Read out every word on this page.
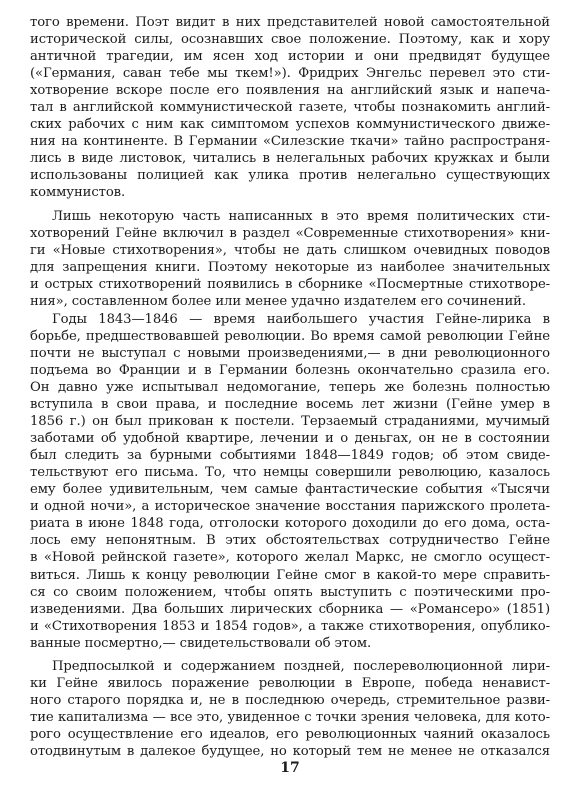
того времени. Поэт видит в них представителей новой самостоятельной
исторической силы, осознавших свое положение. Поэтому, как и хору
античной трагедии, им ясен ход истории и они предвидят будущее
(«Германия, саван тебе мы ткем!»). Фридрих Энгельс перевел это сти-
хотворение вскоре после его появления на английский язык и напеча-
тал в английской коммунистической газете, чтобы познакомить англий-
ских рабочих с ним как симптомом успехов коммунистического движе-
ния на континенте. В Германии «Силезские ткачи» тайно распространя-
лись в виде листовок, читались в нелегальных рабочих кружках и были
использованы полицией как улика против нелегально существующих
коммунистов.

Лишь некоторую часть написанных в это время политических сти-
хотворений Гейне включил в раздел «Современные стихотворения» кни-
ги «Новые стихотворения», чтобы не дать слишком очевидных поводов
для запрещения книги. Поэтому некоторые из наиболее значительных
и острых стихотворений появились в сборнике «Посмертные стихотворе-
ния», составленном более или менее удачно издателем его сочинений.

Годы 1843—1846 — время наибольшего участия Гейне-лирика в
борьбе, предшествовавшей революции. Во время самой революции Гейне
почти не выступал с новыми произведениями,— в дни революционного
подъема во Франции и в Германии болезнь окончательно сразила его.
Он давно уже испытывал недомогание, теперь же болезнь полностью
вступила в свои права, и последние восемь лет жизни (Гейне умер в
1856 г.) он был прикован к постели. Терзаемый страданиями, мучимый
заботами об удобной квартире, лечении и о деньгах, он не в состоянии
был следить за бурными событиями 1848—1849 годов; об этом свиде-
тельствуют его письма. То, что немцы совершили революцию, казалось
ему более удивительным, чем самые фантастические события «Тысячи
и одной ночи», а историческое значение восстания парижского пролета-
риата в июне 1848 года, отголоски которого доходили до его дома, оста-
лось ему непонятным. В этих обстоятельствах сотрудничество Гейне
в «Новой рейнской газете», которого желал Маркс, не смогло осущест-
виться. Лишь к концу революции Гейне смог в какой-то мере справить-
ся со своим положением, чтобы опять выступить с поэтическими про-
изведениями. Два больших лирических сборника — «Романсеро» (1851)
и «Стихотворения 1853 и 1854 годов», а также стихотворения, опублико-
ванные посмертно,— свидетельствовали об этом.

Предпосылкой и содержанием поздней, послереволюционной лири-
ки Гейне явилось поражение революции в Европе, победа ненавист-
ного старого порядка и, не в последнюю очередь, стремительное разви-
тие капитализма — все это, увиденное с точки зрения человека, для кото-
рого осуществление его идеалов, его революционных чаяний оказалось
отодвинутым в далекое будущее, но который тем не менее не отказался

17
